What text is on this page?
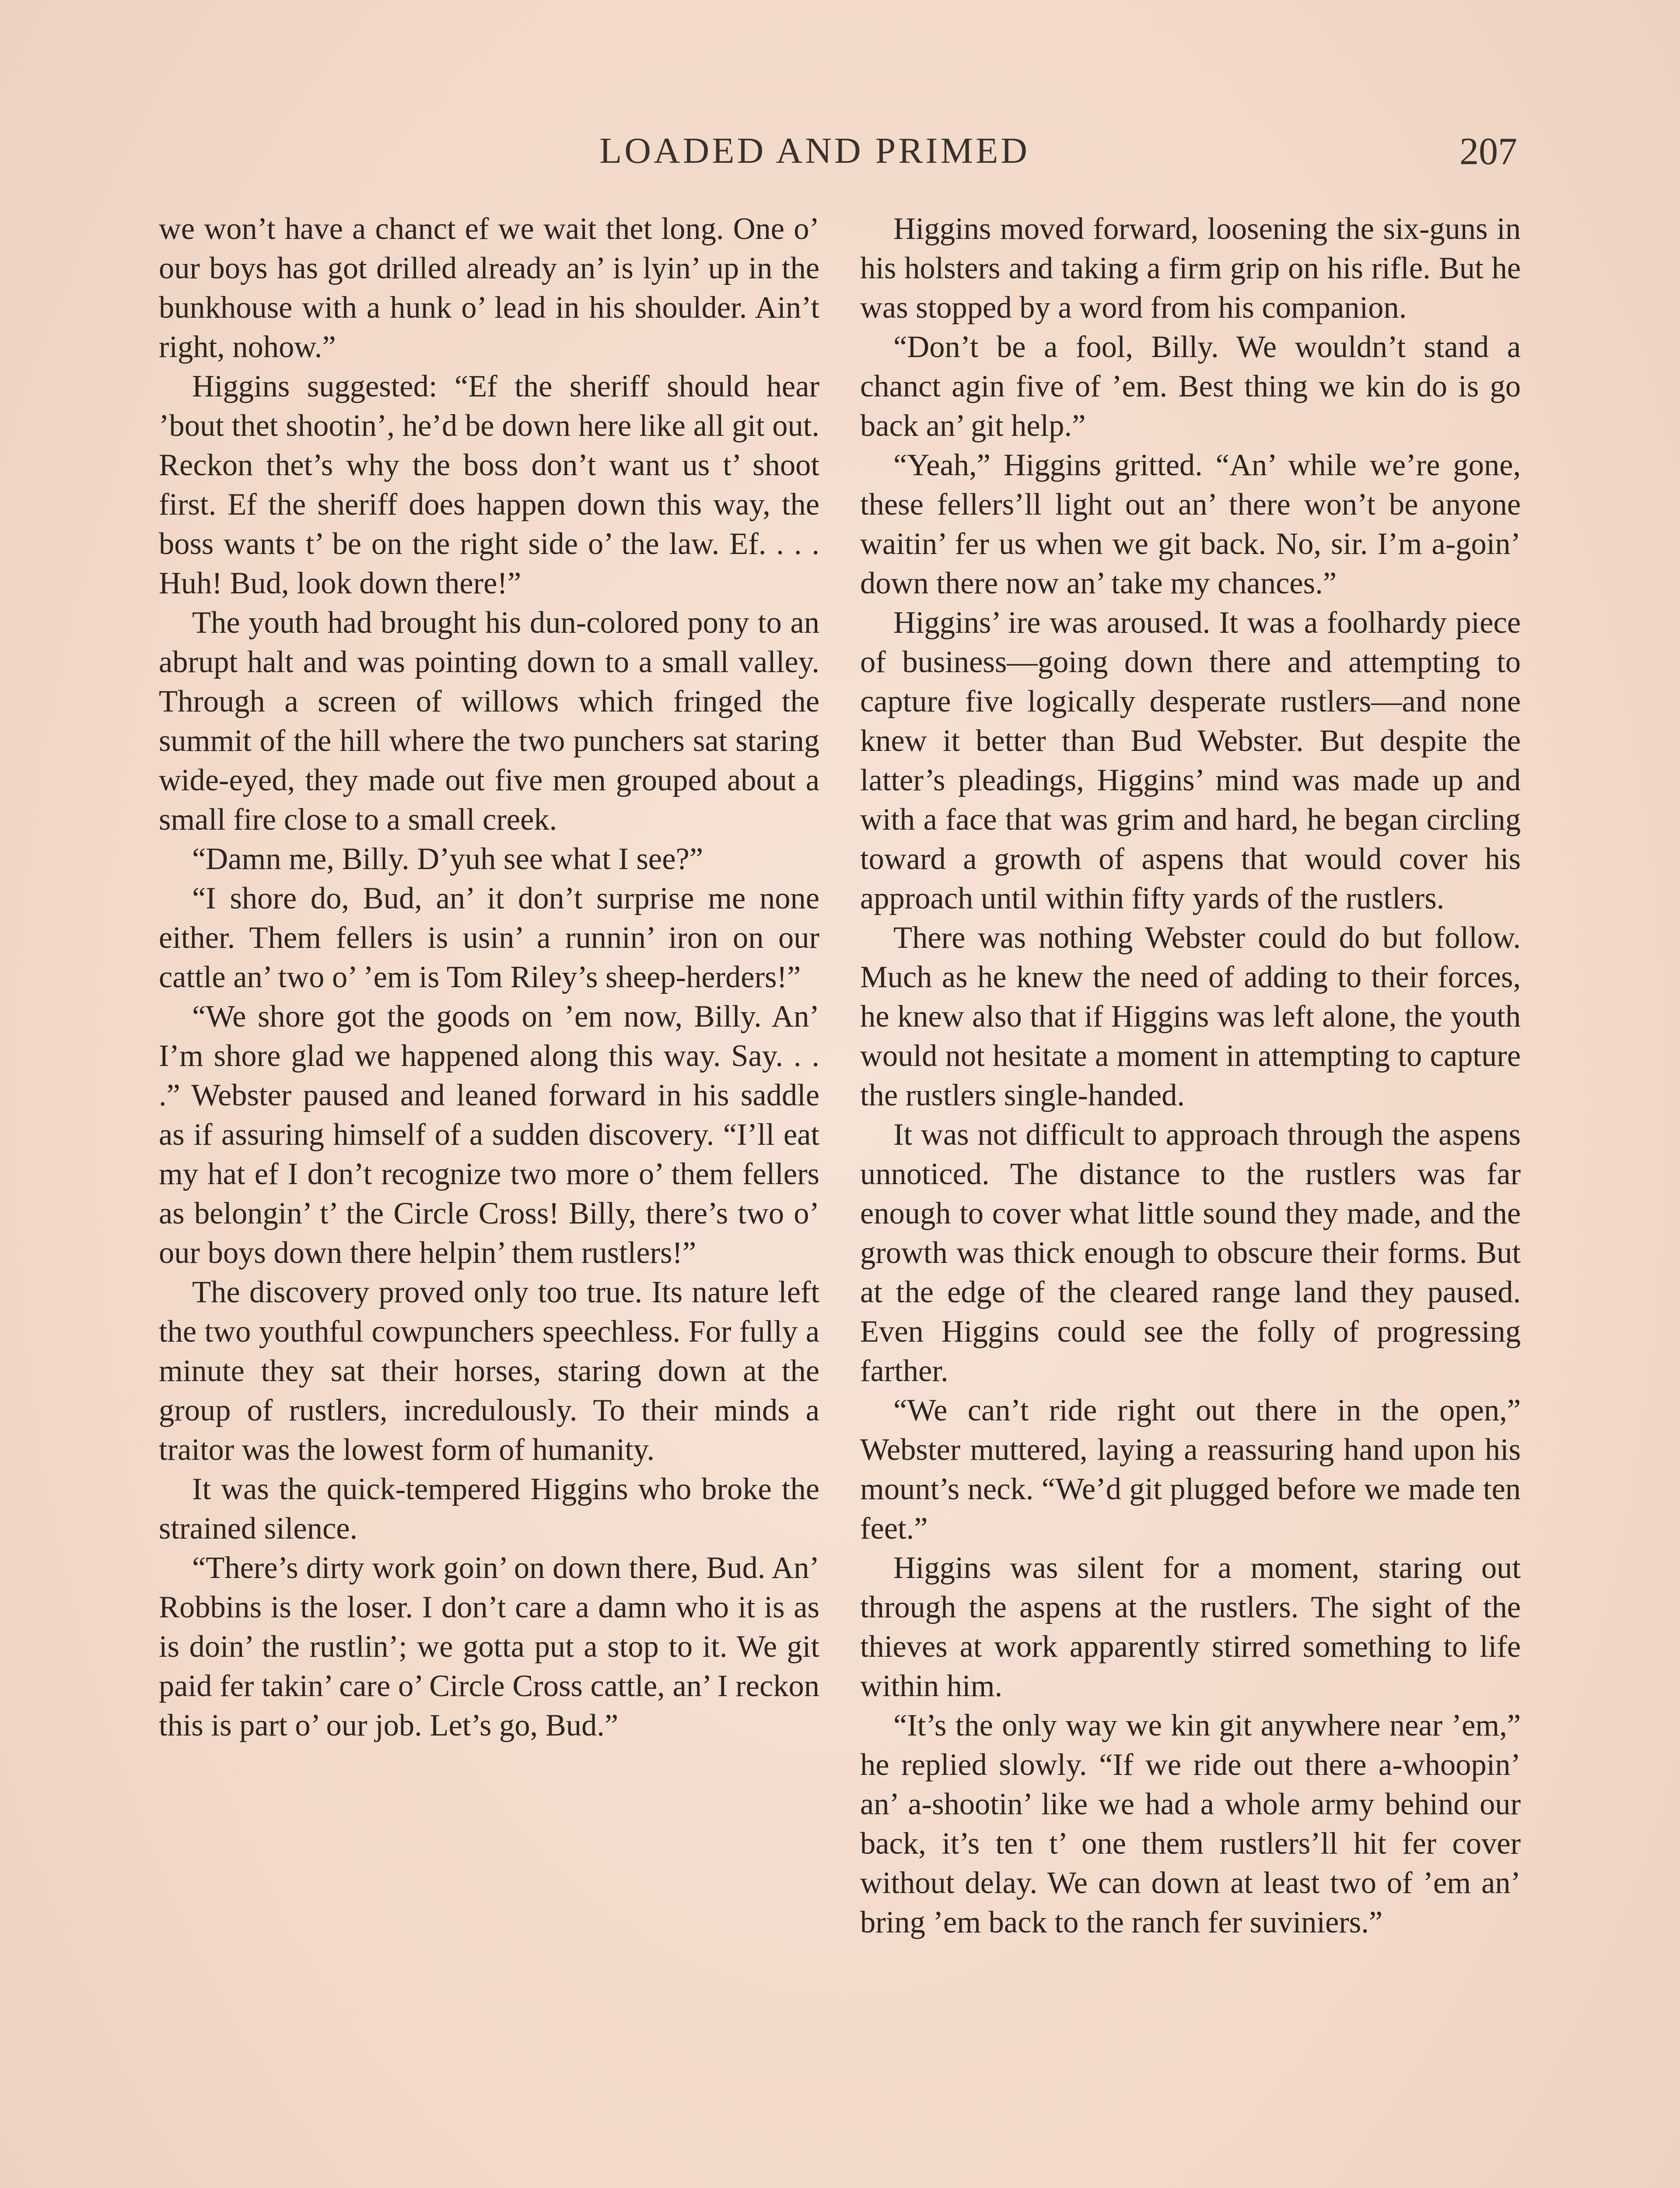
LOADED AND PRIMED	207

we won’t have a chanct ef we wait thet long. One o’ our boys has got drilled already an’ is lyin’ up in the bunkhouse with a hunk o’ lead in his shoulder. Ain’t right, nohow.”

Higgins suggested: “Ef the sheriff should hear ’bout thet shootin’, he’d be down here like all git out. Reckon thet’s why the boss don’t want us t’ shoot first. Ef the sheriff does happen down this way, the boss wants t’ be on the right side o’ the law. Ef. . . . Huh! Bud, look down there!”

The youth had brought his dun-colored pony to an abrupt halt and was pointing down to a small valley. Through a screen of willows which fringed the summit of the hill where the two punchers sat staring wide-eyed, they made out five men grouped about a small fire close to a small creek.

“Damn me, Billy. D’yuh see what I see?”

“I shore do, Bud, an’ it don’t surprise me none either. Them fellers is usin’ a runnin’ iron on our cattle an’ two o’ ’em is Tom Riley’s sheep-herders!”

“We shore got the goods on ’em now, Billy. An’ I’m shore glad we happened along this way. Say. . . .” Webster paused and leaned forward in his saddle as if assuring himself of a sudden discovery. “I’ll eat my hat ef I don’t recognize two more o’ them fellers as belongin’ t’ the Circle Cross! Billy, there’s two o’ our boys down there helpin’ them rustlers!”

The discovery proved only too true. Its nature left the two youthful cowpunchers speechless. For fully a minute they sat their horses, staring down at the group of rustlers, incredulously. To their minds a traitor was the lowest form of humanity.

It was the quick-tempered Higgins who broke the strained silence.

“There’s dirty work goin’ on down there, Bud. An’ Robbins is the loser. I don’t care a damn who it is as is doin’ the rustlin’; we gotta put a stop to it. We git paid fer takin’ care o’ Circle Cross cattle, an’ I reckon this is part o’ our job. Let’s go, Bud.”

Higgins moved forward, loosening the six-guns in his holsters and taking a firm grip on his rifle. But he was stopped by a word from his companion.

“Don’t be a fool, Billy. We wouldn’t stand a chanct agin five of ’em. Best thing we kin do is go back an’ git help.”

“Yeah,” Higgins gritted. “An’ while we’re gone, these fellers’ll light out an’ there won’t be anyone waitin’ fer us when we git back. No, sir. I’m a-goin’ down there now an’ take my chances.”

Higgins’ ire was aroused. It was a foolhardy piece of business—going down there and attempting to capture five logically desperate rustlers—and none knew it better than Bud Webster. But despite the latter’s pleadings, Higgins’ mind was made up and with a face that was grim and hard, he began circling toward a growth of aspens that would cover his approach until within fifty yards of the rustlers.

There was nothing Webster could do but follow. Much as he knew the need of adding to their forces, he knew also that if Higgins was left alone, the youth would not hesitate a moment in attempting to capture the rustlers single-handed.

It was not difficult to approach through the aspens unnoticed. The distance to the rustlers was far enough to cover what little sound they made, and the growth was thick enough to obscure their forms. But at the edge of the cleared range land they paused. Even Higgins could see the folly of progressing farther.

“We can’t ride right out there in the open,” Webster muttered, laying a reassuring hand upon his mount’s neck. “We’d git plugged before we made ten feet.”

Higgins was silent for a moment, staring out through the aspens at the rustlers. The sight of the thieves at work apparently stirred something to life within him.

“It’s the only way we kin git anywhere near ’em,” he replied slowly. “If we ride out there a-whoopin’ an’ a-shootin’ like we had a whole army behind our back, it’s ten t’ one them rustlers’ll hit fer cover without delay. We can down at least two of ’em an’ bring ’em back to the ranch fer suviniers.”
